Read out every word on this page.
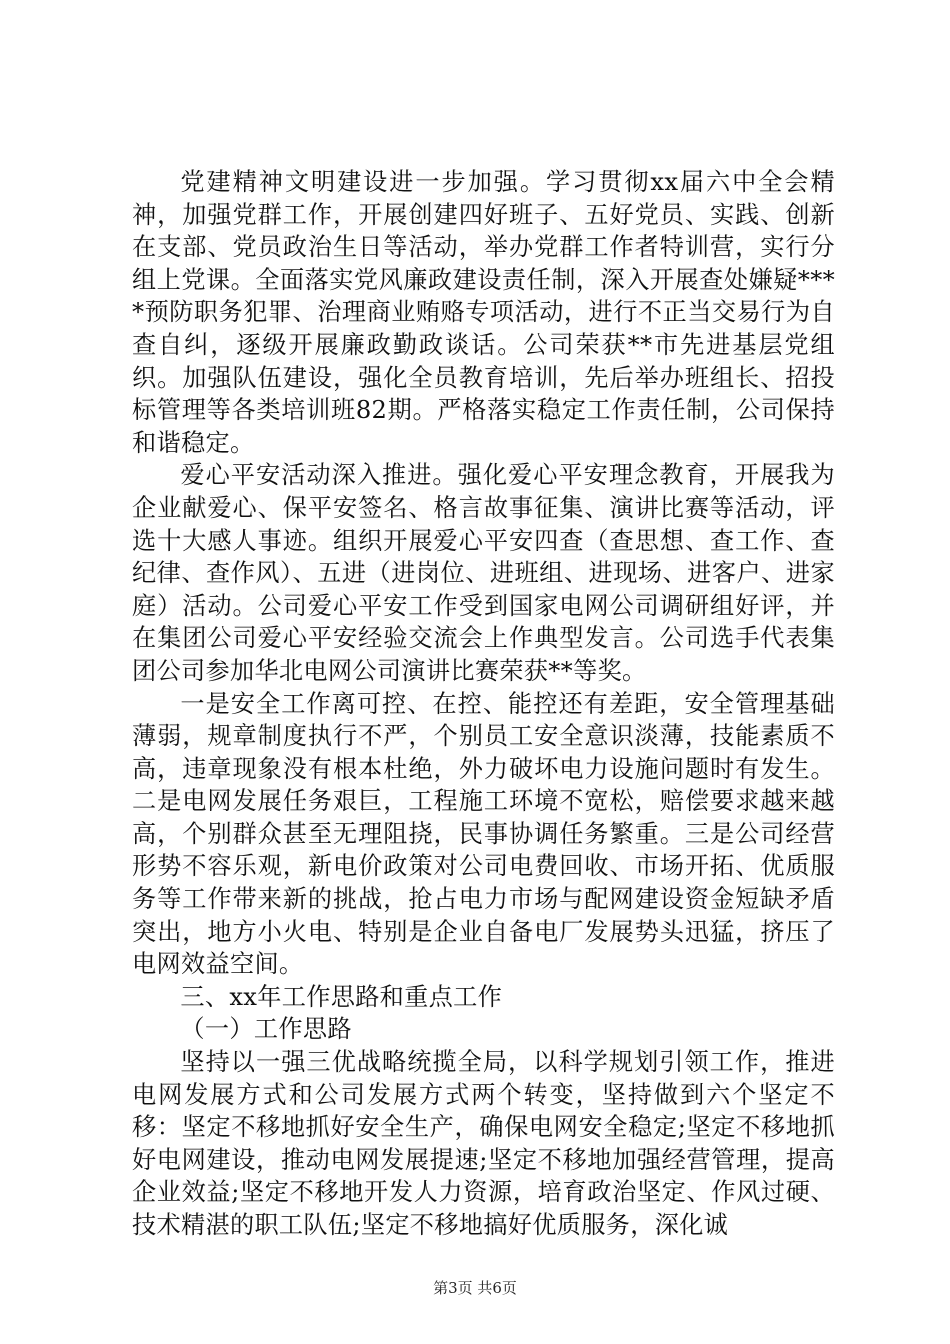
党建精神文明建设进一步加强。学习贯彻xx届六中全会精神，加强党群工作，开展创建四好班子、五好党员、实践、创新在支部、党员政治生日等活动，举办党群工作者特训营，实行分组上党课。全面落实党风廉政建设责任制，深入开展查处嫌疑****预防职务犯罪、治理商业贿赂专项活动，进行不正当交易行为自查自纠，逐级开展廉政勤政谈话。公司荣获**市先进基层党组织。加强队伍建设，强化全员教育培训，先后举办班组长、招投标管理等各类培训班82期。严格落实稳定工作责任制，公司保持和谐稳定。

爱心平安活动深入推进。强化爱心平安理念教育，开展我为企业献爱心、保平安签名、格言故事征集、演讲比赛等活动，评选十大感人事迹。组织开展爱心平安四查（查思想、查工作、查纪律、查作风）、五进（进岗位、进班组、进现场、进客户、进家庭）活动。公司爱心平安工作受到国家电网公司调研组好评，并在集团公司爱心平安经验交流会上作典型发言。公司选手代表集团公司参加华北电网公司演讲比赛荣获**等奖。

一是安全工作离可控、在控、能控还有差距，安全管理基础薄弱，规章制度执行不严，个别员工安全意识淡薄，技能素质不高，违章现象没有根本杜绝，外力破坏电力设施问题时有发生。二是电网发展任务艰巨，工程施工环境不宽松，赔偿要求越来越高，个别群众甚至无理阻挠，民事协调任务繁重。三是公司经营形势不容乐观，新电价政策对公司电费回收、市场开拓、优质服务等工作带来新的挑战，抢占电力市场与配网建设资金短缺矛盾突出，地方小火电、特别是企业自备电厂发展势头迅猛，挤压了电网效益空间。

三、xx年工作思路和重点工作

（一）工作思路

坚持以一强三优战略统揽全局，以科学规划引领工作，推进电网发展方式和公司发展方式两个转变，坚持做到六个坚定不移：坚定不移地抓好安全生产，确保电网安全稳定;坚定不移地抓好电网建设，推动电网发展提速;坚定不移地加强经营管理，提高企业效益;坚定不移地开发人力资源，培育政治坚定、作风过硬、技术精湛的职工队伍;坚定不移地搞好优质服务，深化诚

第3页 共6页
